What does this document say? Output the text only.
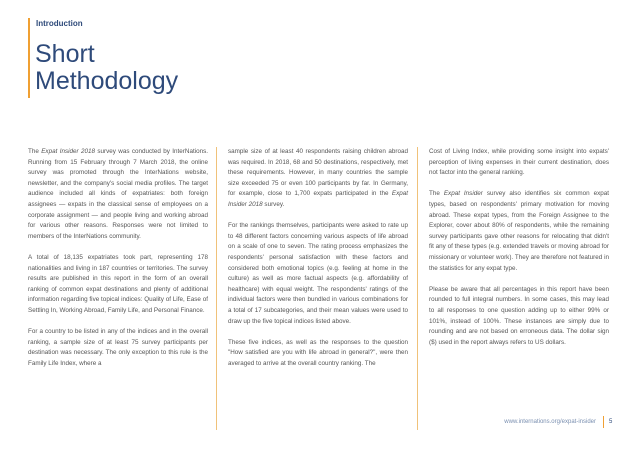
Introduction
Short
Methodology

The Expat Insider 2018 survey was conducted by InterNations. Running from 15 February through 7 March 2018, the online survey was promoted through the InterNations website, newsletter, and the company's social media profiles. The target audience included all kinds of expatriates: both foreign assignees — expats in the classical sense of employees on a corporate assignment — and people living and working abroad for various other reasons. Responses were not limited to members of the InterNations community.

A total of 18,135 expatriates took part, representing 178 nationalities and living in 187 countries or territories. The survey results are published in this report in the form of an overall ranking of common expat destinations and plenty of additional information regarding five topical indices: Quality of Life, Ease of Settling In, Working Abroad, Family Life, and Personal Finance.

For a country to be listed in any of the indices and in the overall ranking, a sample size of at least 75 survey participants per destination was necessary. The only exception to this rule is the Family Life Index, where a

sample size of at least 40 respondents raising children abroad was required. In 2018, 68 and 50 destinations, respectively, met these requirements. However, in many countries the sample size exceeded 75 or even 100 participants by far. In Germany, for example, close to 1,700 expats participated in the Expat Insider 2018 survey.

For the rankings themselves, participants were asked to rate up to 48 different factors concerning various aspects of life abroad on a scale of one to seven. The rating process emphasizes the respondents' personal satisfaction with these factors and considered both emotional topics (e.g. feeling at home in the culture) as well as more factual aspects (e.g. affordability of healthcare) with equal weight. The respondents' ratings of the individual factors were then bundled in various combinations for a total of 17 subcategories, and their mean values were used to draw up the five topical indices listed above.

These five indices, as well as the responses to the question "How satisfied are you with life abroad in general?", were then averaged to arrive at the overall country ranking. The

Cost of Living Index, while providing some insight into expats' perception of living expenses in their current destination, does not factor into the general ranking.

The Expat Insider survey also identifies six common expat types, based on respondents' primary motivation for moving abroad. These expat types, from the Foreign Assignee to the Explorer, cover about 80% of respondents, while the remaining survey participants gave other reasons for relocating that didn't fit any of these types (e.g. extended travels or moving abroad for missionary or volunteer work). They are therefore not featured in the statistics for any expat type.

Please be aware that all percentages in this report have been rounded to full integral numbers. In some cases, this may lead to all responses to one question adding up to either 99% or 101%, instead of 100%. These instances are simply due to rounding and are not based on erroneous data. The dollar sign ($) used in the report always refers to US dollars.

www.internations.org/expat-insider 5
